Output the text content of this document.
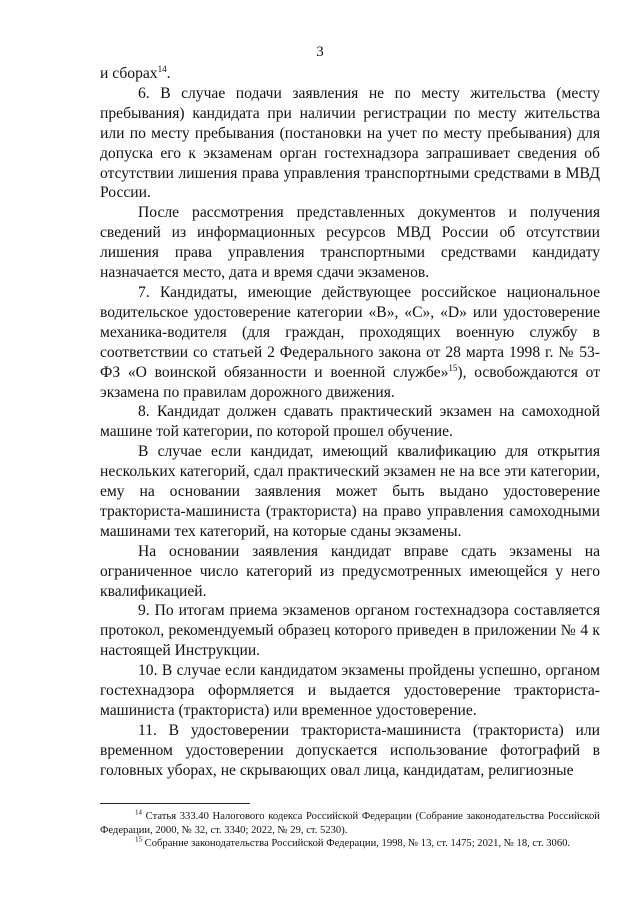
3

и сборах$^{14}$.

6. В случае подачи заявления не по месту жительства (месту пребывания) кандидата при наличии регистрации по месту жительства или по месту пребывания (постановки на учет по месту пребывания) для допуска его к экзаменам орган гостехнадзора запрашивает сведения об отсутствии лишения права управления транспортными средствами в МВД России.

После рассмотрения представленных документов и получения сведений из информационных ресурсов МВД России об отсутствии лишения права управления транспортными средствами кандидату назначается место, дата и время сдачи экзаменов.

7. Кандидаты, имеющие действующее российское национальное водительское удостоверение категории «B», «C», «D» или удостоверение механика-водителя (для граждан, проходящих военную службу в соответствии со статьей 2 Федерального закона от 28 марта 1998 г. № 53-ФЗ «О воинской обязанности и военной службе»$^{15}$), освобождаются от экзамена по правилам дорожного движения.

8. Кандидат должен сдавать практический экзамен на самоходной машине той категории, по которой прошел обучение.

В случае если кандидат, имеющий квалификацию для открытия нескольких категорий, сдал практический экзамен не на все эти категории, ему на основании заявления может быть выдано удостоверение тракториста-машиниста (тракториста) на право управления самоходными машинами тех категорий, на которые сданы экзамены.

На основании заявления кандидат вправе сдать экзамены на ограниченное число категорий из предусмотренных имеющейся у него квалификацией.

9. По итогам приема экзаменов органом гостехнадзора составляется протокол, рекомендуемый образец которого приведен в приложении № 4 к настоящей Инструкции.

10. В случае если кандидатом экзамены пройдены успешно, органом гостехнадзора оформляется и выдается удостоверение тракториста-машиниста (тракториста) или временное удостоверение.

11. В удостоверении тракториста-машиниста (тракториста) или временном удостоверении допускается использование фотографий в головных уборах, не скрывающих овал лица, кандидатам, религиозные

$^{14}$ Статья 333.40 Налогового кодекса Российской Федерации (Собрание законодательства Российской Федерации, 2000, № 32, ст. 3340; 2022, № 29, ст. 5230).

$^{15}$ Собрание законодательства Российской Федерации, 1998, № 13, ст. 1475; 2021, № 18, ст. 3060.
